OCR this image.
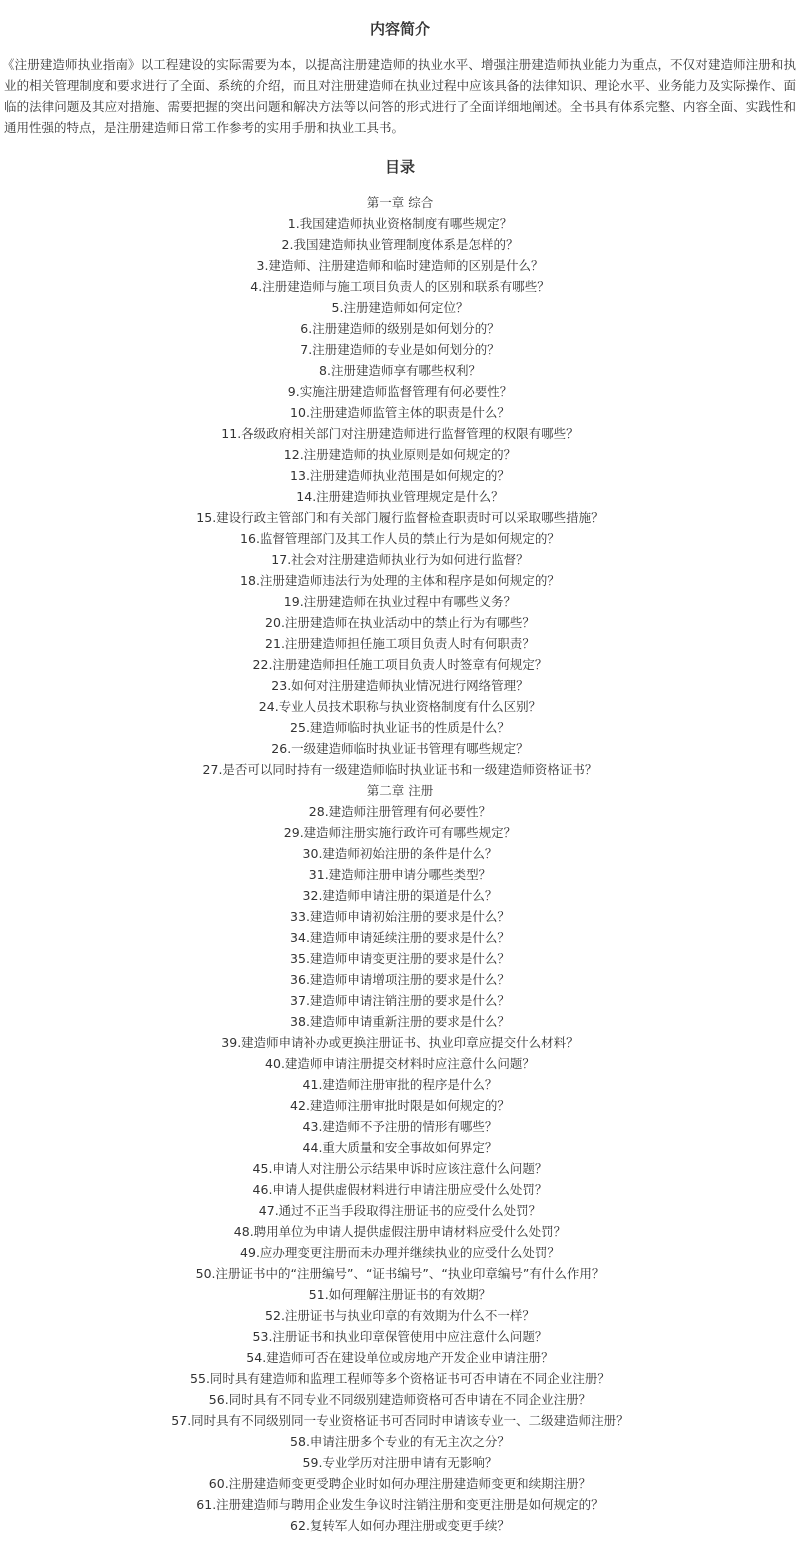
内容简介

《注册建造师执业指南》以工程建设的实际需要为本，以提高注册建造师的执业水平、增强注册建造师执业能力为重点，不仅对建造师注册和执业的相关管理制度和要求进行了全面、系统的介绍，而且对注册建造师在执业过程中应该具备的法律知识、理论水平、业务能力及实际操作、面临的法律问题及其应对措施、需要把握的突出问题和解决方法等以问答的形式进行了全面详细地阐述。全书具有体系完整、内容全面、实践性和通用性强的特点，是注册建造师日常工作参考的实用手册和执业工具书。

目录
第一章 综合
1.我国建造师执业资格制度有哪些规定？
2.我国建造师执业管理制度体系是怎样的？
3.建造师、注册建造师和临时建造师的区别是什么？
4.注册建造师与施工项目负责人的区别和联系有哪些？
5.注册建造师如何定位？
6.注册建造师的级别是如何划分的？
7.注册建造师的专业是如何划分的？
8.注册建造师享有哪些权利？
9.实施注册建造师监督管理有何必要性？
10.注册建造师监管主体的职责是什么？
11.各级政府相关部门对注册建造师进行监督管理的权限有哪些？
12.注册建造师的执业原则是如何规定的？
13.注册建造师执业范围是如何规定的？
14.注册建造师执业管理规定是什么？
15.建设行政主管部门和有关部门履行监督检查职责时可以采取哪些措施？
16.监督管理部门及其工作人员的禁止行为是如何规定的？
17.社会对注册建造师执业行为如何进行监督？
18.注册建造师违法行为处理的主体和程序是如何规定的？
19.注册建造师在执业过程中有哪些义务？
20.注册建造师在执业活动中的禁止行为有哪些？
21.注册建造师担任施工项目负责人时有何职责？
22.注册建造师担任施工项目负责人时签章有何规定？
23.如何对注册建造师执业情况进行网络管理？
24.专业人员技术职称与执业资格制度有什么区别？
25.建造师临时执业证书的性质是什么？
26.一级建造师临时执业证书管理有哪些规定？
27.是否可以同时持有一级建造师临时执业证书和一级建造师资格证书？
第二章 注册
28.建造师注册管理有何必要性？
29.建造师注册实施行政许可有哪些规定？
30.建造师初始注册的条件是什么？
31.建造师注册申请分哪些类型？
32.建造师申请注册的渠道是什么？
33.建造师申请初始注册的要求是什么？
34.建造师申请延续注册的要求是什么？
35.建造师申请变更注册的要求是什么？
36.建造师申请增项注册的要求是什么？
37.建造师申请注销注册的要求是什么？
38.建造师申请重新注册的要求是什么？
39.建造师申请补办或更换注册证书、执业印章应提交什么材料？
40.建造师申请注册提交材料时应注意什么问题？
41.建造师注册审批的程序是什么？
42.建造师注册审批时限是如何规定的？
43.建造师不予注册的情形有哪些？
44.重大质量和安全事故如何界定？
45.申请人对注册公示结果申诉时应该注意什么问题？
46.申请人提供虚假材料进行申请注册应受什么处罚？
47.通过不正当手段取得注册证书的应受什么处罚？
48.聘用单位为申请人提供虚假注册申请材料应受什么处罚？
49.应办理变更注册而未办理并继续执业的应受什么处罚？
50.注册证书中的“注册编号”、“证书编号”、“执业印章编号”有什么作用？
51.如何理解注册证书的有效期？
52.注册证书与执业印章的有效期为什么不一样？
53.注册证书和执业印章保管使用中应注意什么问题？
54.建造师可否在建设单位或房地产开发企业申请注册？
55.同时具有建造师和监理工程师等多个资格证书可否申请在不同企业注册？
56.同时具有不同专业不同级别建造师资格可否申请在不同企业注册？
57.同时具有不同级别同一专业资格证书可否同时申请该专业一、二级建造师注册？
58.申请注册多个专业的有无主次之分？
59.专业学历对注册申请有无影响？
60.注册建造师变更受聘企业时如何办理注册建造师变更和续期注册？
61.注册建造师与聘用企业发生争议时注销注册和变更注册是如何规定的？
62.复转军人如何办理注册或变更手续？
